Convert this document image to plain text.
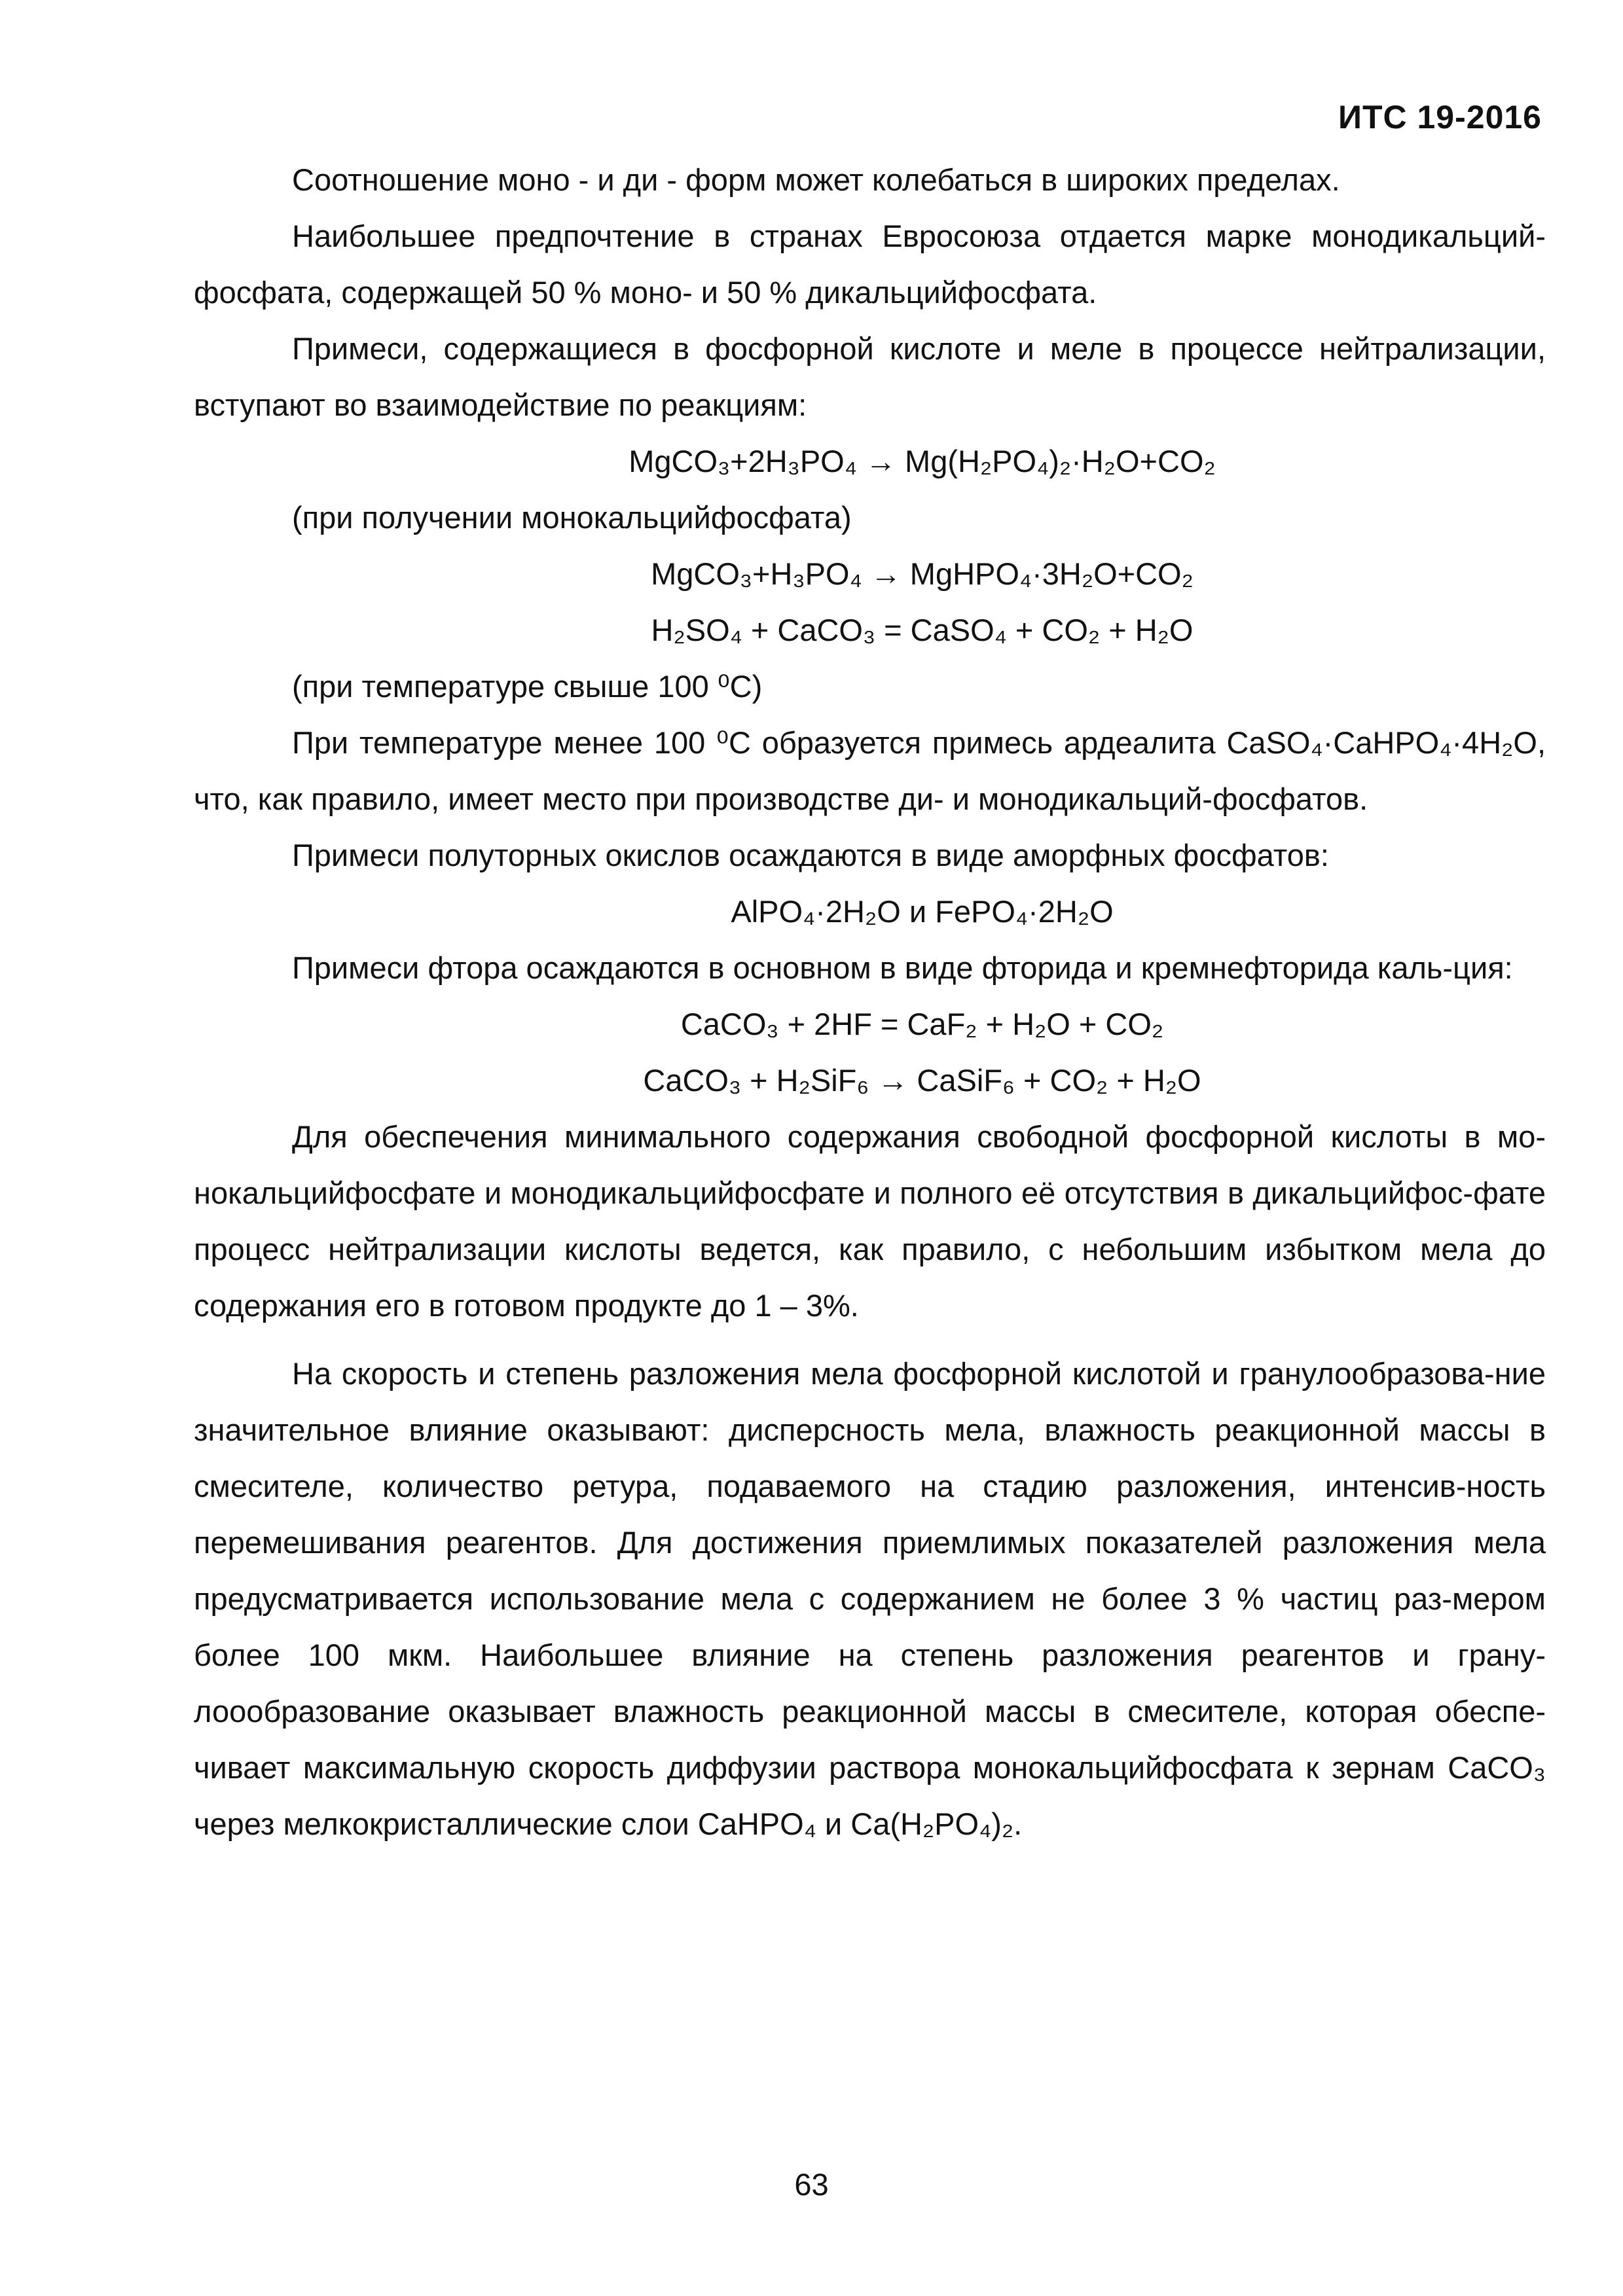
ИТС 19-2016

Соотношение моно - и ди - форм может колебаться в широких пределах.

Наибольшее предпочтение в странах Евросоюза отдается марке монодикальций-фосфата, содержащей 50 % моно- и 50 % дикальцийфосфата.

Примеси, содержащиеся в фосфорной кислоте и меле в процессе нейтрализации, вступают во взаимодействие по реакциям:

MgCO₃+2H₃PO₄ → Mg(H₂PO₄)₂·H₂O+CO₂

(при получении монокальцийфосфата)

MgCO₃+H₃PO₄ → MgHPO₄·3H₂O+CO₂

H₂SO₄ + CaCO₃ = CaSO₄ + CO₂ + H₂O

(при температуре свыше 100 ⁰С)

При температуре менее 100 ⁰С образуется примесь ардеалита CaSO₄·CaHPO₄·4H₂O, что, как правило, имеет место при производстве ди- и монодикальций-фосфатов.

Примеси полуторных окислов осаждаются в виде аморфных фосфатов:

AlPO₄·2H₂O и FePO₄·2H₂O

Примеси фтора осаждаются в основном в виде фторида и кремнефторида каль-ция:

CaCO₃ + 2HF = CaF₂ + H₂O + CO₂

CaCO₃ + H₂SiF₆ → CaSiF₆ + CO₂ + H₂O

Для обеспечения минимального содержания свободной фосфорной кислоты в мо-нокальцийфосфате и монодикальцийфосфате и полного её отсутствия в дикальцийфос-фате процесс нейтрализации кислоты ведется, как правило, с небольшим избытком мела до содержания его в готовом продукте до 1 – 3%.

На скорость и степень разложения мела фосфорной кислотой и гранулообразова-ние значительное влияние оказывают: дисперсность мела, влажность реакционной массы в смесителе, количество ретура, подаваемого на стадию разложения, интенсив-ность перемешивания реагентов. Для достижения приемлимых показателей разложения мела предусматривается использование мела с содержанием не более 3 % частиц раз-мером более 100 мкм. Наибольшее влияние на степень разложения реагентов и грану-лоообразование оказывает влажность реакционной массы в смесителе, которая обеспе-чивает максимальную скорость диффузии раствора монокальцийфосфата к зернам CaCO₃ через мелкокристаллические слои CaHPO₄ и Ca(H₂PO₄)₂.

63
